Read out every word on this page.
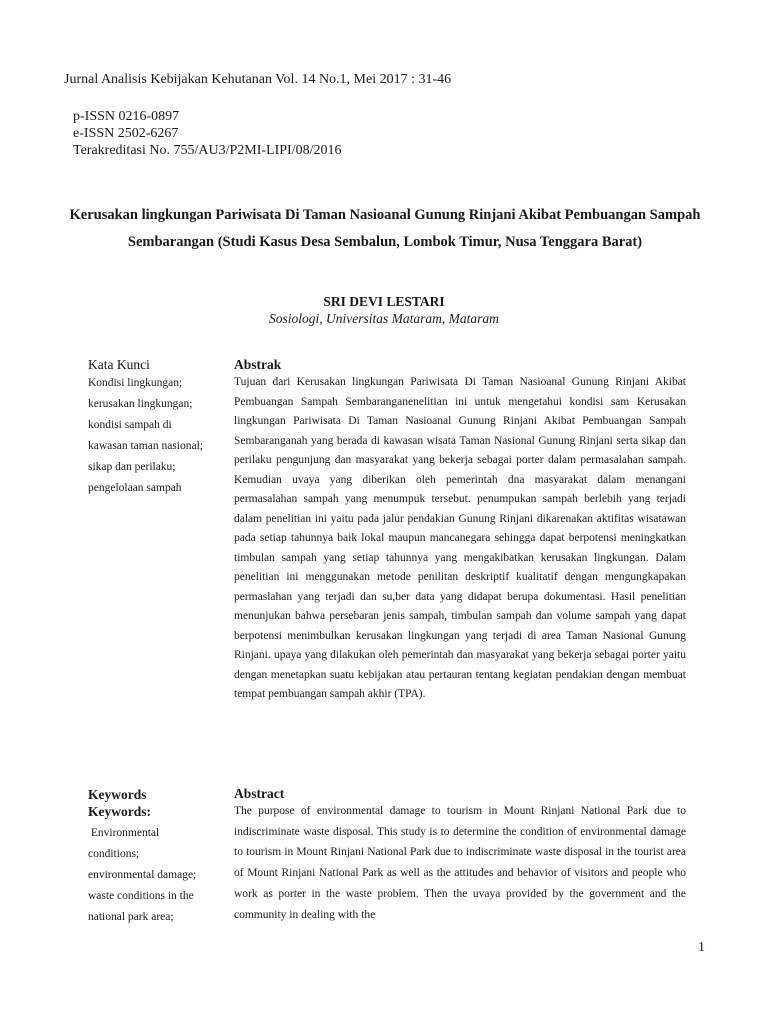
Jurnal Analisis Kebijakan Kehutanan Vol. 14 No.1, Mei 2017 : 31-46
p-ISSN 0216-0897
e-ISSN 2502-6267
Terakreditasi No. 755/AU3/P2MI-LIPI/08/2016
Kerusakan lingkungan Pariwisata Di Taman Nasioanal Gunung Rinjani Akibat Pembuangan Sampah Sembarangan (Studi Kasus Desa Sembalun, Lombok Timur, Nusa Tenggara Barat)
SRI DEVI LESTARI
Sosiologi, Universitas Mataram, Mataram
Kata Kunci
Kondisi lingkungan;
kerusakan lingkungan;
kondisi sampah di
kawasan taman nasional;
sikap dan perilaku;
pengelolaan sampah
Abstrak
Tujuan dari Kerusakan lingkungan Pariwisata Di Taman Nasioanal Gunung Rinjani Akibat Pembuangan Sampah Sembaranganenelitian ini untuk mengetahui kondisi sam Kerusakan lingkungan Pariwisata Di Taman Nasioanal Gunung Rinjani Akibat Pembuangan Sampah Sembaranganah yang berada di kawasan wisata Taman Nasional Gunung Rinjani serta sikap dan perilaku pengunjung dan masyarakat yang bekerja sebagai porter dalam permasalahan sampah. Kemudian uvaya yang diberikan oleh pemerintah dna masyarakat dalam menangani permasalahan sampah yang menumpuk tersebut. penumpukan sampah berlebih yang terjadi dalam penelitian ini yaitu pada jalur pendakian Gunung Rinjani dikarenakan aktifitas wisatawan pada setiap tahunnya baik lokal maupun mancanegara sehingga dapat berpotensi meningkatkan timbulan sampah yang setiap tahunnya yang mengakibatkan kerusakan lingkungan. Dalam penelitian ini menggunakan metode penilitan deskriptif kualitatif dengan mengungkapakan permaslahan yang terjadi dan su,ber data yang didapat berupa dokumentasi. Hasil penelitian menunjukan bahwa persebaran jenis sampah, timbulan sampah dan volume sampah yang dapat berpotensi menimbulkan kerusakan lingkungan yang terjadi di area Taman Nasional Gunung Rinjani. upaya yang dilakukan oleh pemerintah dan masyarakat yang bekerja sebagai porter yaitu dengan menetapkan suatu kebijakan atau pertauran tentang kegiatan pendakian dengan membuat tempat pembuangan sampah akhir (TPA).
Keywords
Keywords:
Environmental
conditions;
environmental damage;
waste conditions in the
national park area;
Abstract
The purpose of environmental damage to tourism in Mount Rinjani National Park due to indiscriminate waste disposal. This study is to determine the condition of environmental damage to tourism in Mount Rinjani National Park due to indiscriminate waste disposal in the tourist area of Mount Rinjani National Park as well as the attitudes and behavior of visitors and people who work as porter in the waste problem. Then the uvaya provided by the government and the community in dealing with the
1
